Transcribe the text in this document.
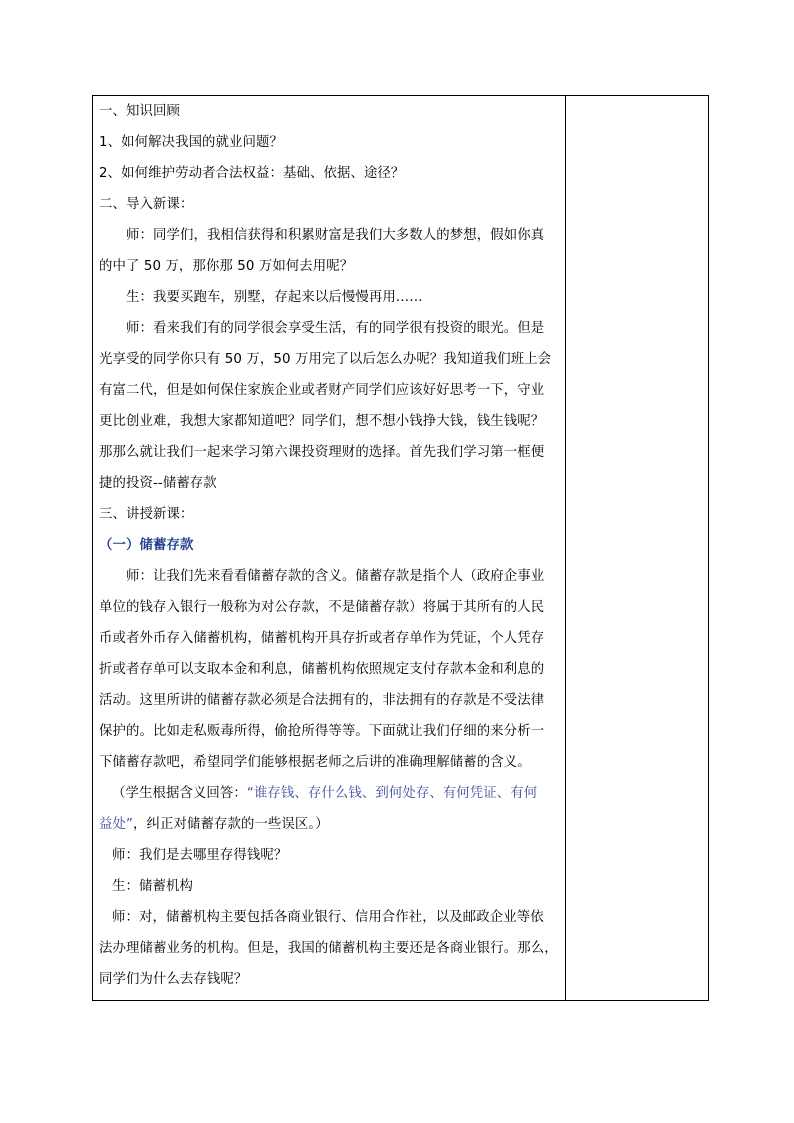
一、知识回顾
1、如何解决我国的就业问题？
2、如何维护劳动者合法权益：基础、依据、途径？
二、导入新课：
师：同学们，我相信获得和积累财富是我们大多数人的梦想，假如你真
的中了 50 万，那你那 50 万如何去用呢？
生：我要买跑车，别墅，存起来以后慢慢再用……
师：看来我们有的同学很会享受生活，有的同学很有投资的眼光。但是
光享受的同学你只有 50 万，50 万用完了以后怎么办呢？我知道我们班上会
有富二代，但是如何保住家族企业或者财产同学们应该好好思考一下，守业
更比创业难，我想大家都知道吧？同学们，想不想小钱挣大钱，钱生钱呢？
那那么就让我们一起来学习第六课投资理财的选择。首先我们学习第一框便
捷的投资--储蓄存款
三、讲授新课：
（一）储蓄存款
师：让我们先来看看储蓄存款的含义。储蓄存款是指个人（政府企事业
单位的钱存入银行一般称为对公存款，不是储蓄存款）将属于其所有的人民
币或者外币存入储蓄机构，储蓄机构开具存折或者存单作为凭证，个人凭存
折或者存单可以支取本金和利息，储蓄机构依照规定支付存款本金和利息的
活动。这里所讲的储蓄存款必须是合法拥有的，非法拥有的存款是不受法律
保护的。比如走私贩毒所得，偷抢所得等等。下面就让我们仔细的来分析一
下储蓄存款吧，希望同学们能够根据老师之后讲的准确理解储蓄的含义。
（学生根据含义回答：“谁存钱、存什么钱、到何处存、有何凭证、有何
益处”，纠正对储蓄存款的一些误区。）
师：我们是去哪里存得钱呢？
生：储蓄机构
师：对，储蓄机构主要包括各商业银行、信用合作社，以及邮政企业等依
法办理储蓄业务的机构。但是，我国的储蓄机构主要还是各商业银行。那么，
同学们为什么去存钱呢？
